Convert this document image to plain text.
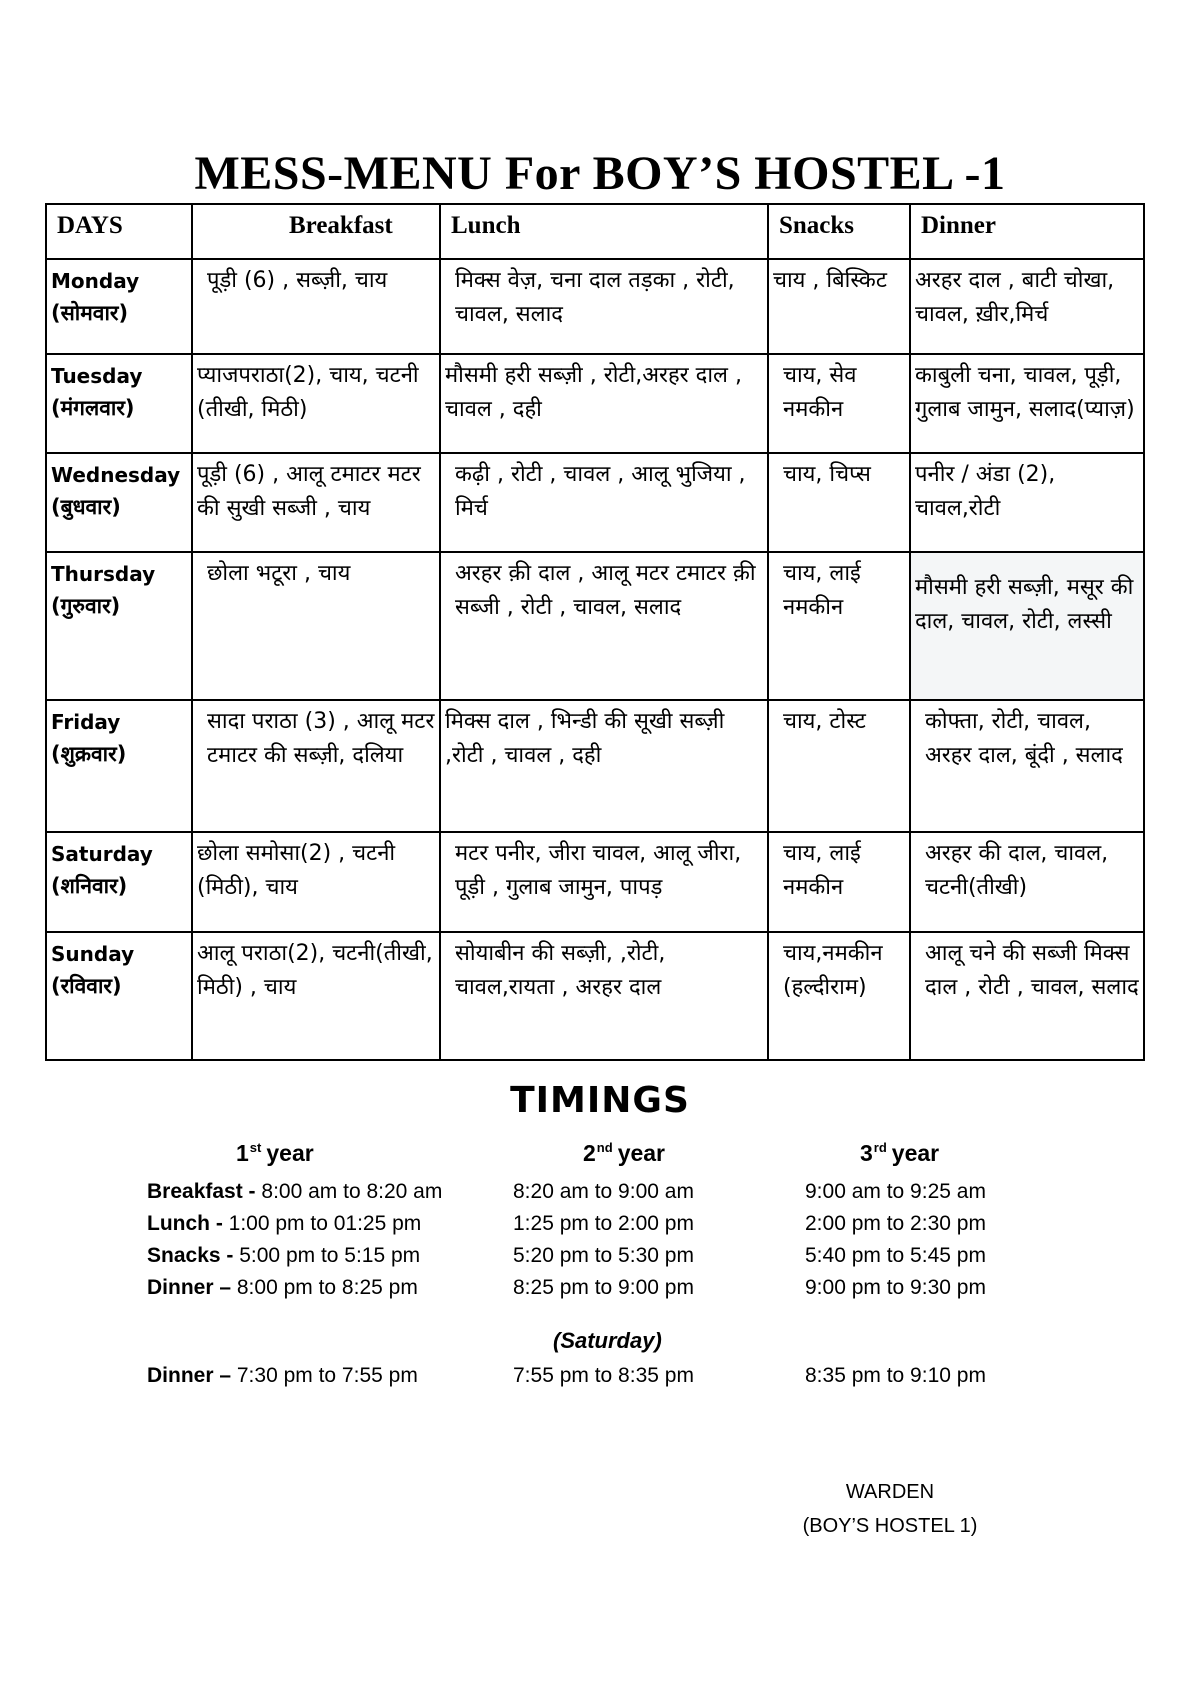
MESS-MENU For BOY’S HOSTEL -1
DAYS	Breakfast	Lunch	Snacks	Dinner

Monday
(सोमवार)	पूड़ी (6) , सब्ज़ी, चाय	मिक्स वेज़, चना दाल तड़का , रोटी, चावल, सलाद	चाय , बिस्किट	अरहर दाल , बाटी चोखा, चावल, ख़ीर,मिर्च

Tuesday
(मंगलवार)	प्याजपराठा(2), चाय, चटनी (तीखी, मिठी)	मौसमी हरी सब्ज़ी , रोटी,अरहर दाल , चावल , दही	चाय, सेव नमकीन	काबुली चना, चावल, पूड़ी, गुलाब जामुन, सलाद(प्याज़)

Wednesday
(बुधवार)	पूड़ी (6) , आलू टमाटर मटर की सुखी सब्जी , चाय	कढ़ी , रोटी , चावल , आलू भुजिया , मिर्च	चाय, चिप्स	पनीर / अंडा (2), चावल,रोटी

Thursday
(गुरुवार)	छोला भटूरा , चाय	अरहर क़ी दाल , आलू मटर टमाटर क़ी सब्जी , रोटी , चावल, सलाद	चाय, लाई नमकीन	मौसमी हरी सब्ज़ी, मसूर की दाल, चावल, रोटी, लस्सी

Friday
(शुक्रवार)	सादा पराठा (3) , आलू मटर टमाटर की सब्ज़ी, दलिया	मिक्स दाल , भिन्डी की सूखी सब्ज़ी ,रोटी , चावल , दही	चाय, टोस्ट	कोफ्ता, रोटी, चावल, अरहर दाल, बूंदी , सलाद

Saturday
(शनिवार)	छोला समोसा(2) , चटनी (मिठी), चाय	मटर पनीर, जीरा चावल, आलू जीरा, पूड़ी , गुलाब जामुन, पापड़	चाय, लाई नमकीन	अरहर की दाल, चावल, चटनी(तीखी)

Sunday
(रविवार)	आलू पराठा(2), चटनी(तीखी, मिठी) , चाय	सोयाबीन की सब्ज़ी, ,रोटी, चावल,रायता , अरहर दाल	चाय,नमकीन (हल्दीराम)	आलू चने की सब्जी मिक्स दाल , रोटी , चावल, सलाद
TIMINGS
1st year	2nd year	3rd year
Breakfast - 8:00 am to 8:20 am	8:20 am to 9:00 am	9:00 am to 9:25 am
Lunch - 1:00 pm to 01:25 pm	1:25 pm to 2:00 pm	2:00 pm to 2:30 pm
Snacks - 5:00 pm to 5:15 pm	5:20 pm to 5:30 pm	5:40 pm to 5:45 pm
Dinner – 8:00 pm to 8:25 pm	8:25 pm to 9:00 pm	9:00 pm to 9:30 pm
(Saturday)
Dinner – 7:30 pm to 7:55 pm	7:55 pm to 8:35 pm	8:35 pm to 9:10 pm
WARDEN
(BOY’S HOSTEL 1)
